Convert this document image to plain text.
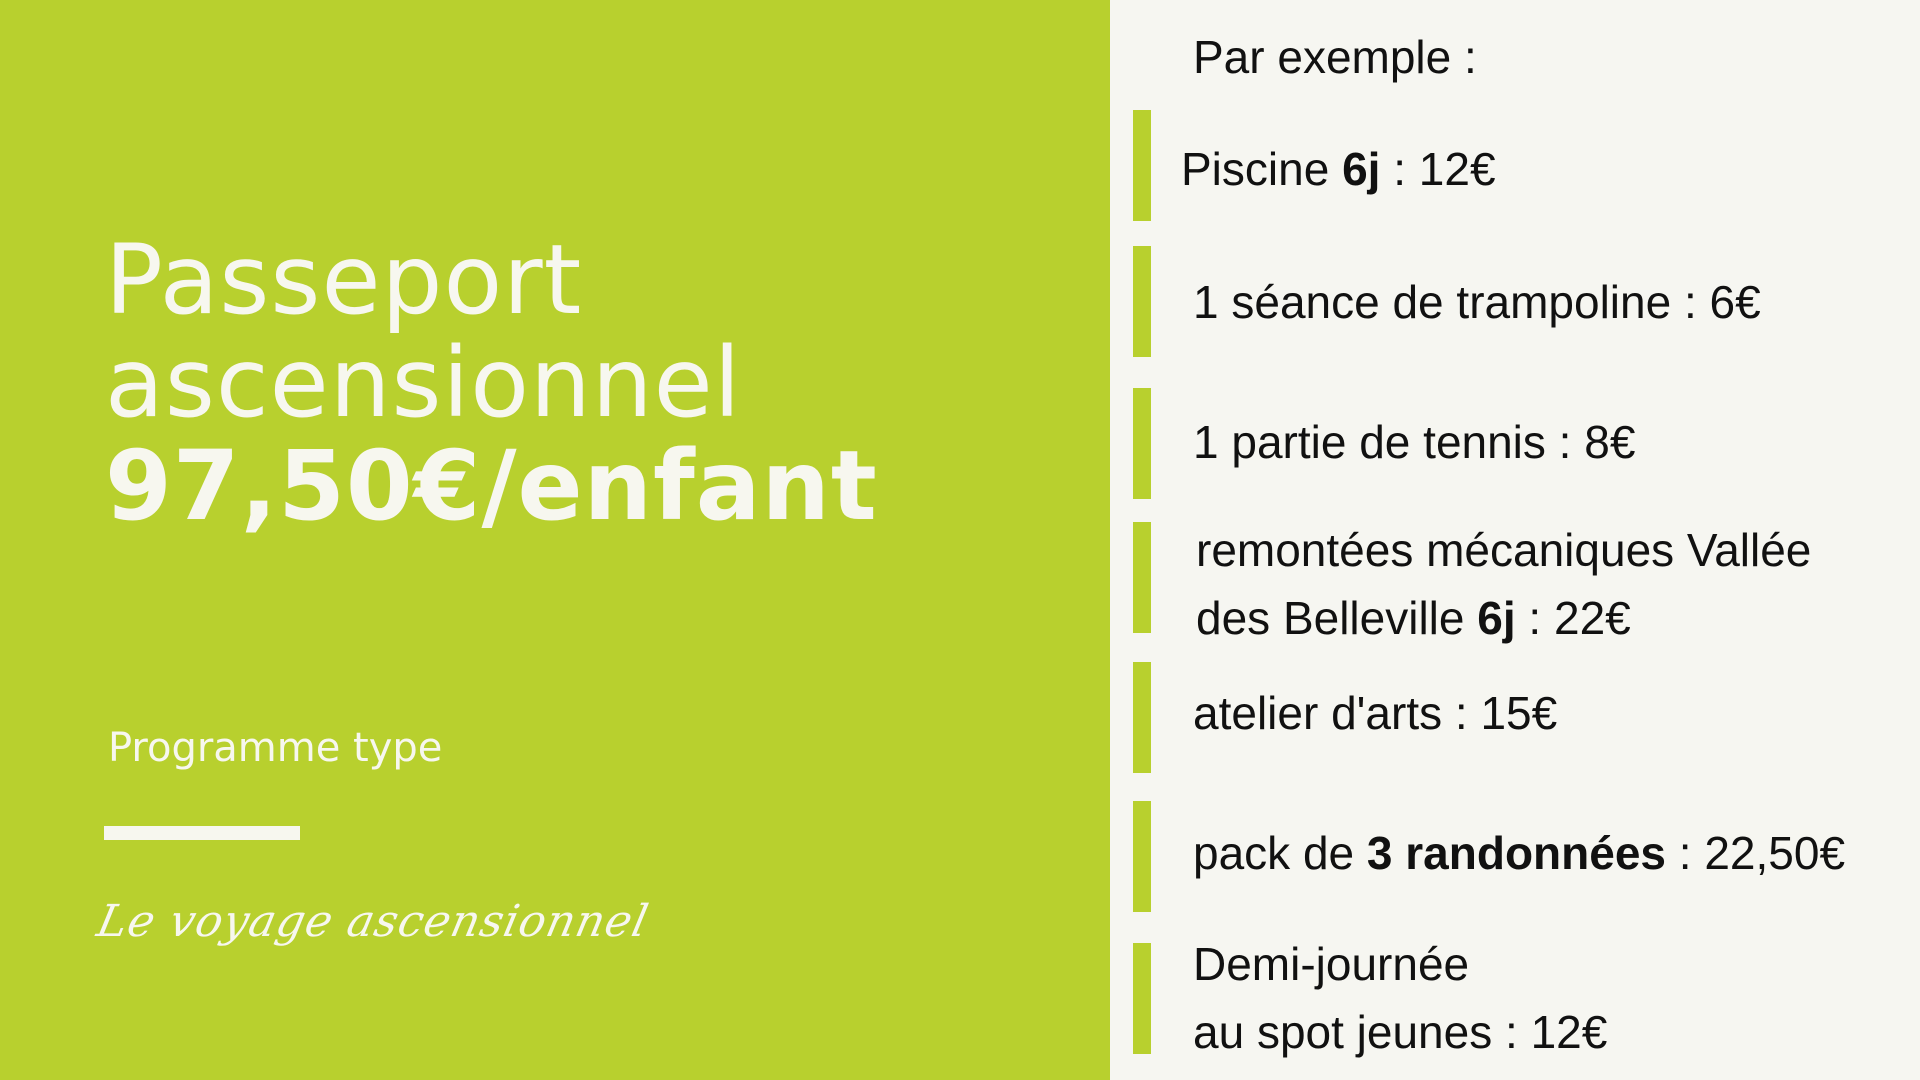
Passeport
ascensionnel
97,50€/enfant
Programme type
Le voyage ascensionnel
Par exemple :
Piscine 6j : 12€
1 séance de trampoline : 6€
1 partie de tennis : 8€
remontées mécaniques Vallée
des Belleville 6j : 22€
atelier d'arts : 15€
pack de 3 randonnées : 22,50€
Demi-journée
au spot jeunes : 12€
